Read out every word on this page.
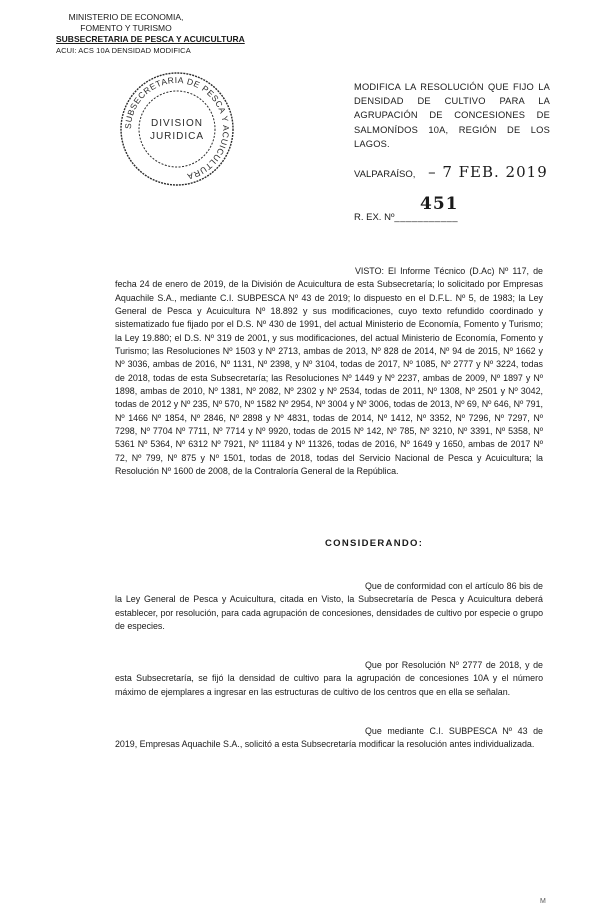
MINISTERIO DE ECONOMIA,
FOMENTO Y TURISMO
SUBSECRETARIA DE PESCA Y ACUICULTURA
ACUI: ACS 10A DENSIDAD MODIFICA
SUBSECRETARIA DE PESCA Y ACUICULTURA
DIVISION
JURIDICA
MODIFICA LA RESOLUCIÓN QUE FIJO LA DENSIDAD DE CULTIVO PARA LA AGRUPACIÓN DE CONCESIONES DE SALMONÍDOS 10A, REGIÓN DE LOS LAGOS.
VALPARAÍSO, – 7 FEB. 2019
R. EX. Nº___________
451
VISTO: El Informe Técnico (D.Ac) Nº 117, de fecha 24 de enero de 2019, de la División de Acuicultura de esta Subsecretaría; lo solicitado por Empresas Aquachile S.A., mediante C.I. SUBPESCA Nº 43 de 2019; lo dispuesto en el D.F.L. Nº 5, de 1983; la Ley General de Pesca y Acuicultura Nº 18.892 y sus modificaciones, cuyo texto refundido coordinado y sistematizado fue fijado por el D.S. Nº 430 de 1991, del actual Ministerio de Economía, Fomento y Turismo; la Ley 19.880; el D.S. Nº 319 de 2001, y sus modificaciones, del actual Ministerio de Economía, Fomento y Turismo; las Resoluciones Nº 1503 y Nº 2713, ambas de 2013, Nº 828 de 2014, Nº 94 de 2015, Nº 1662 y Nº 3036, ambas de 2016, Nº 1131, Nº 2398, y Nº 3104, todas de 2017, Nº 1085, Nº 2777 y Nº 3224, todas de 2018, todas de esta Subsecretaría; las Resoluciones Nº 1449 y Nº 2237, ambas de 2009, Nº 1897 y Nº 1898, ambas de 2010, Nº 1381, Nº 2082, Nº 2302 y Nº 2534, todas de 2011, Nº 1308, Nº 2501 y Nº 3042, todas de 2012 y Nº 235, Nº 570, Nº 1582 Nº 2954, Nº 3004 y Nº 3006, todas de 2013, Nº 69, Nº 646, Nº 791, Nº 1466 Nº 1854, Nº 2846, Nº 2898 y Nº 4831, todas de 2014, Nº 1412, Nº 3352, Nº 7296, Nº 7297, Nº 7298, Nº 7704 Nº 7711, Nº 7714 y Nº 9920, todas de 2015 Nº 142, Nº 785, Nº 3210, Nº 3391, Nº 5358, Nº 5361 Nº 5364, Nº 6312 Nº 7921, Nº 11184 y Nº 11326, todas de 2016, Nº 1649 y 1650, ambas de 2017 Nº 72, Nº 799, Nº 875 y Nº 1501, todas de 2018, todas del Servicio Nacional de Pesca y Acuicultura; la Resolución Nº 1600 de 2008, de la Contraloría General de la República.
CONSIDERANDO:
Que de conformidad con el artículo 86 bis de la Ley General de Pesca y Acuicultura, citada en Visto, la Subsecretaría de Pesca y Acuicultura deberá establecer, por resolución, para cada agrupación de concesiones, densidades de cultivo por especie o grupo de especies.
Que por Resolución Nº 2777 de 2018, y de esta Subsecretaría, se fijó la densidad de cultivo para la agrupación de concesiones 10A y el número máximo de ejemplares a ingresar en las estructuras de cultivo de los centros que en ella se señalan.
Que mediante C.I. SUBPESCA Nº 43 de 2019, Empresas Aquachile S.A., solicitó a esta Subsecretaría modificar la resolución antes individualizada.
M
